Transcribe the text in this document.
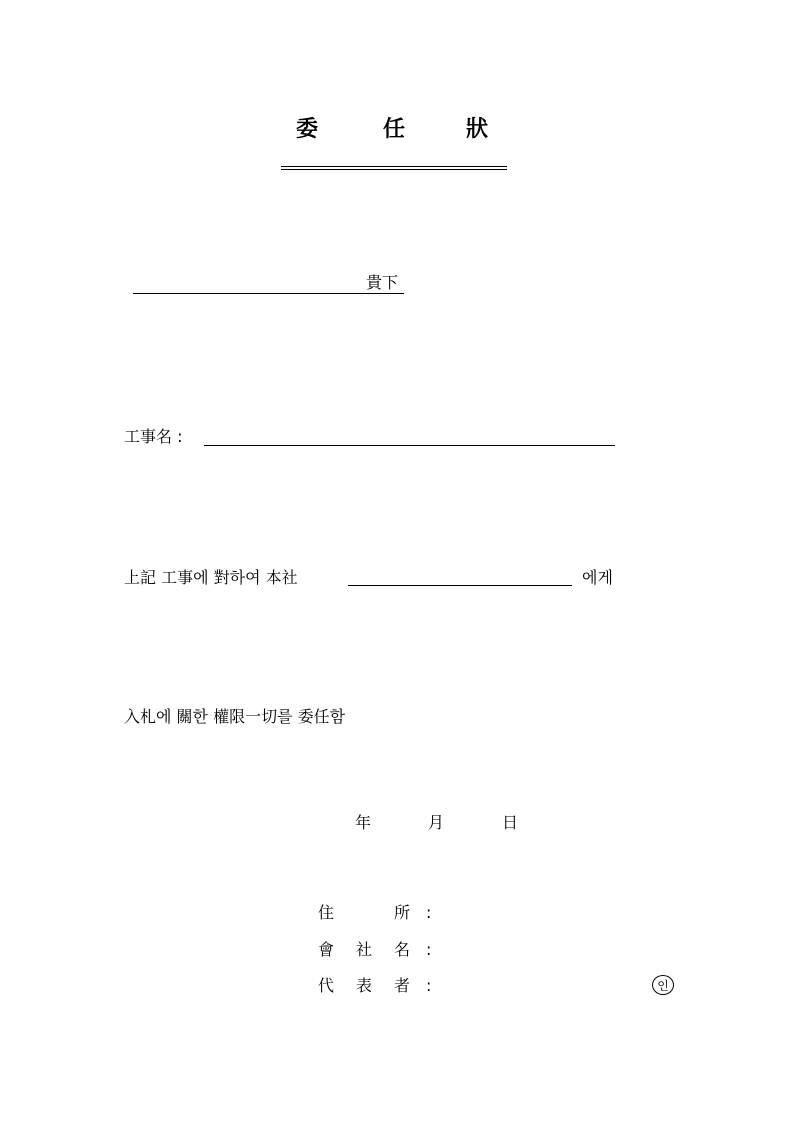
委	任	狀
貴下
工事名 :
上記 工事에 對하여 本社	에게
入札에 關한 權限一切를 委任함
年	月	日
住	所 :
會 社 名 :
代 表 者 :	인
